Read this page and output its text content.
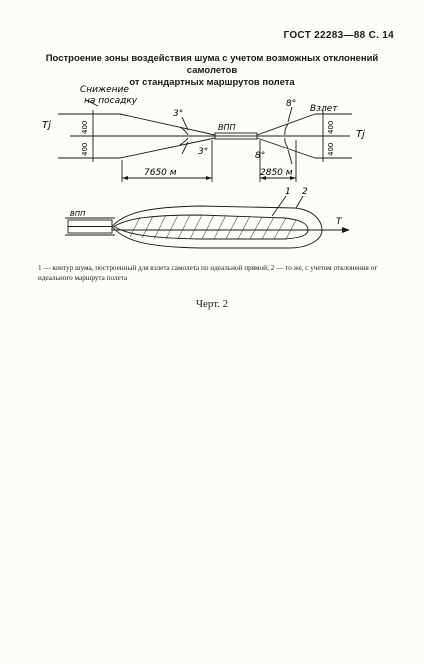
ГОСТ 22283—88 С. 14
Построение зоны воздействия шума с учетом возможных отклонений самолетов
от стандартных маршрутов полета
Снижение
на посадку
Взлет
Tj
Tj
ВПП
3°
3°
8°
8°
400
400
400
400
7650 м	2850 м
ВПП
1 2
T
1 — контур шума, построенный для взлета самолета по идеальной прямой; 2 — то же, с учетом отклонения от идеального маршрута полета
Черт. 2
